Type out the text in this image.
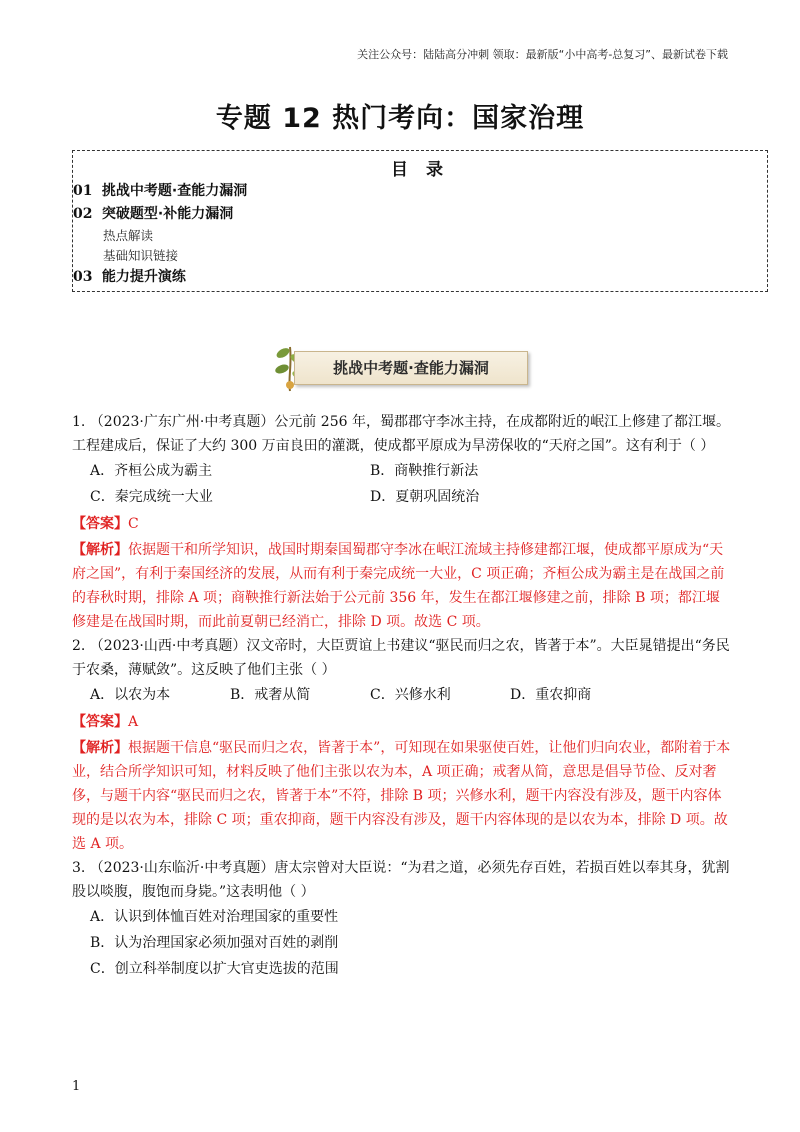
关注公众号：陆陆高分冲刺 领取：最新版“小中高考-总复习”、最新试卷下载
专题 12 热门考向：国家治理
目 录
01 挑战中考题·查能力漏洞
02 突破题型·补能力漏洞
热点解读
基础知识链接
03 能力提升演练
挑战中考题·查能力漏洞

1. （2023·广东广州·中考真题）公元前 256 年，蜀郡郡守李冰主持，在成都附近的岷江上修建了都江堰。工程建成后，保证了大约 300 万亩良田的灌溉，使成都平原成为旱涝保收的“天府之国”。这有利于（ ）

A．齐桓公成为霸主	B．商鞅推行新法
C．秦完成统一大业	D．夏朝巩固统治

【答案】C

【解析】依据题干和所学知识，战国时期秦国蜀郡守李冰在岷江流域主持修建都江堰，使成都平原成为“天府之国”，有利于秦国经济的发展，从而有利于秦完成统一大业，C 项正确；齐桓公成为霸主是在战国之前的春秋时期，排除 A 项；商鞅推行新法始于公元前 356 年，发生在都江堰修建之前，排除 B 项；都江堰修建是在战国时期，而此前夏朝已经消亡，排除 D 项。故选 C 项。

2. （2023·山西·中考真题）汉文帝时，大臣贾谊上书建议“驱民而归之农，皆著于本”。大臣晁错提出“务民于农桑，薄赋敛”。这反映了他们主张（ ）

A．以农为本	B．戒奢从简	C．兴修水利	D．重农抑商

【答案】A

【解析】根据题干信息“驱民而归之农，皆著于本”，可知现在如果驱使百姓，让他们归向农业，都附着于本业，结合所学知识可知，材料反映了他们主张以农为本，A 项正确；戒奢从简，意思是倡导节俭、反对奢侈，与题干内容“驱民而归之农，皆著于本”不符，排除 B 项；兴修水利，题干内容没有涉及，题干内容体现的是以农为本，排除 C 项；重农抑商，题干内容没有涉及，题干内容体现的是以农为本，排除 D 项。故选 A 项。

3. （2023·山东临沂·中考真题）唐太宗曾对大臣说：“为君之道，必须先存百姓，若损百姓以奉其身，犹割股以啖腹，腹饱而身毙。”这表明他（ ）

A．认识到体恤百姓对治理国家的重要性
B．认为治理国家必须加强对百姓的剥削
C．创立科举制度以扩大官吏选拔的范围
1
